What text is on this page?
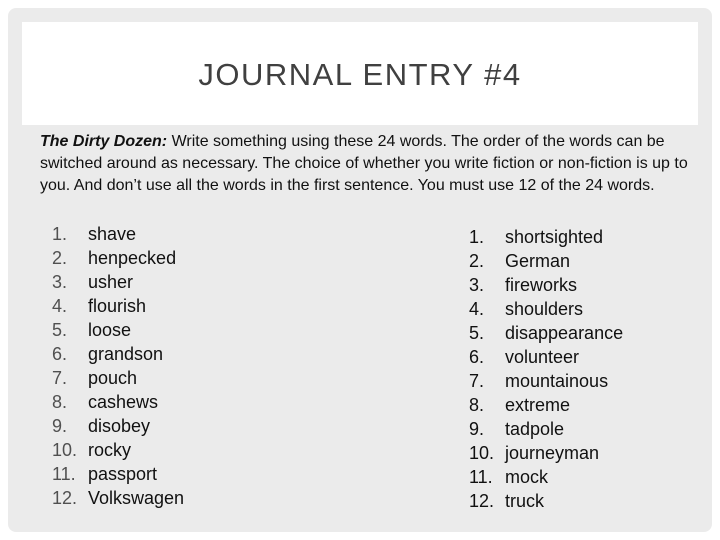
JOURNAL ENTRY #4
The Dirty Dozen: Write something using these 24 words. The order of the words can be switched around as necessary. The choice of whether you write fiction or non-fiction is up to you. And don’t use all the words in the first sentence. You must use 12 of the 24 words.
1. shave
2. henpecked
3. usher
4. flourish
5. loose
6. grandson
7. pouch
8. cashews
9. disobey
10. rocky
11. passport
12. Volkswagen
1. shortsighted
2. German
3. fireworks
4. shoulders
5. disappearance
6. volunteer
7. mountainous
8. extreme
9. tadpole
10. journeyman
11. mock
12. truck
